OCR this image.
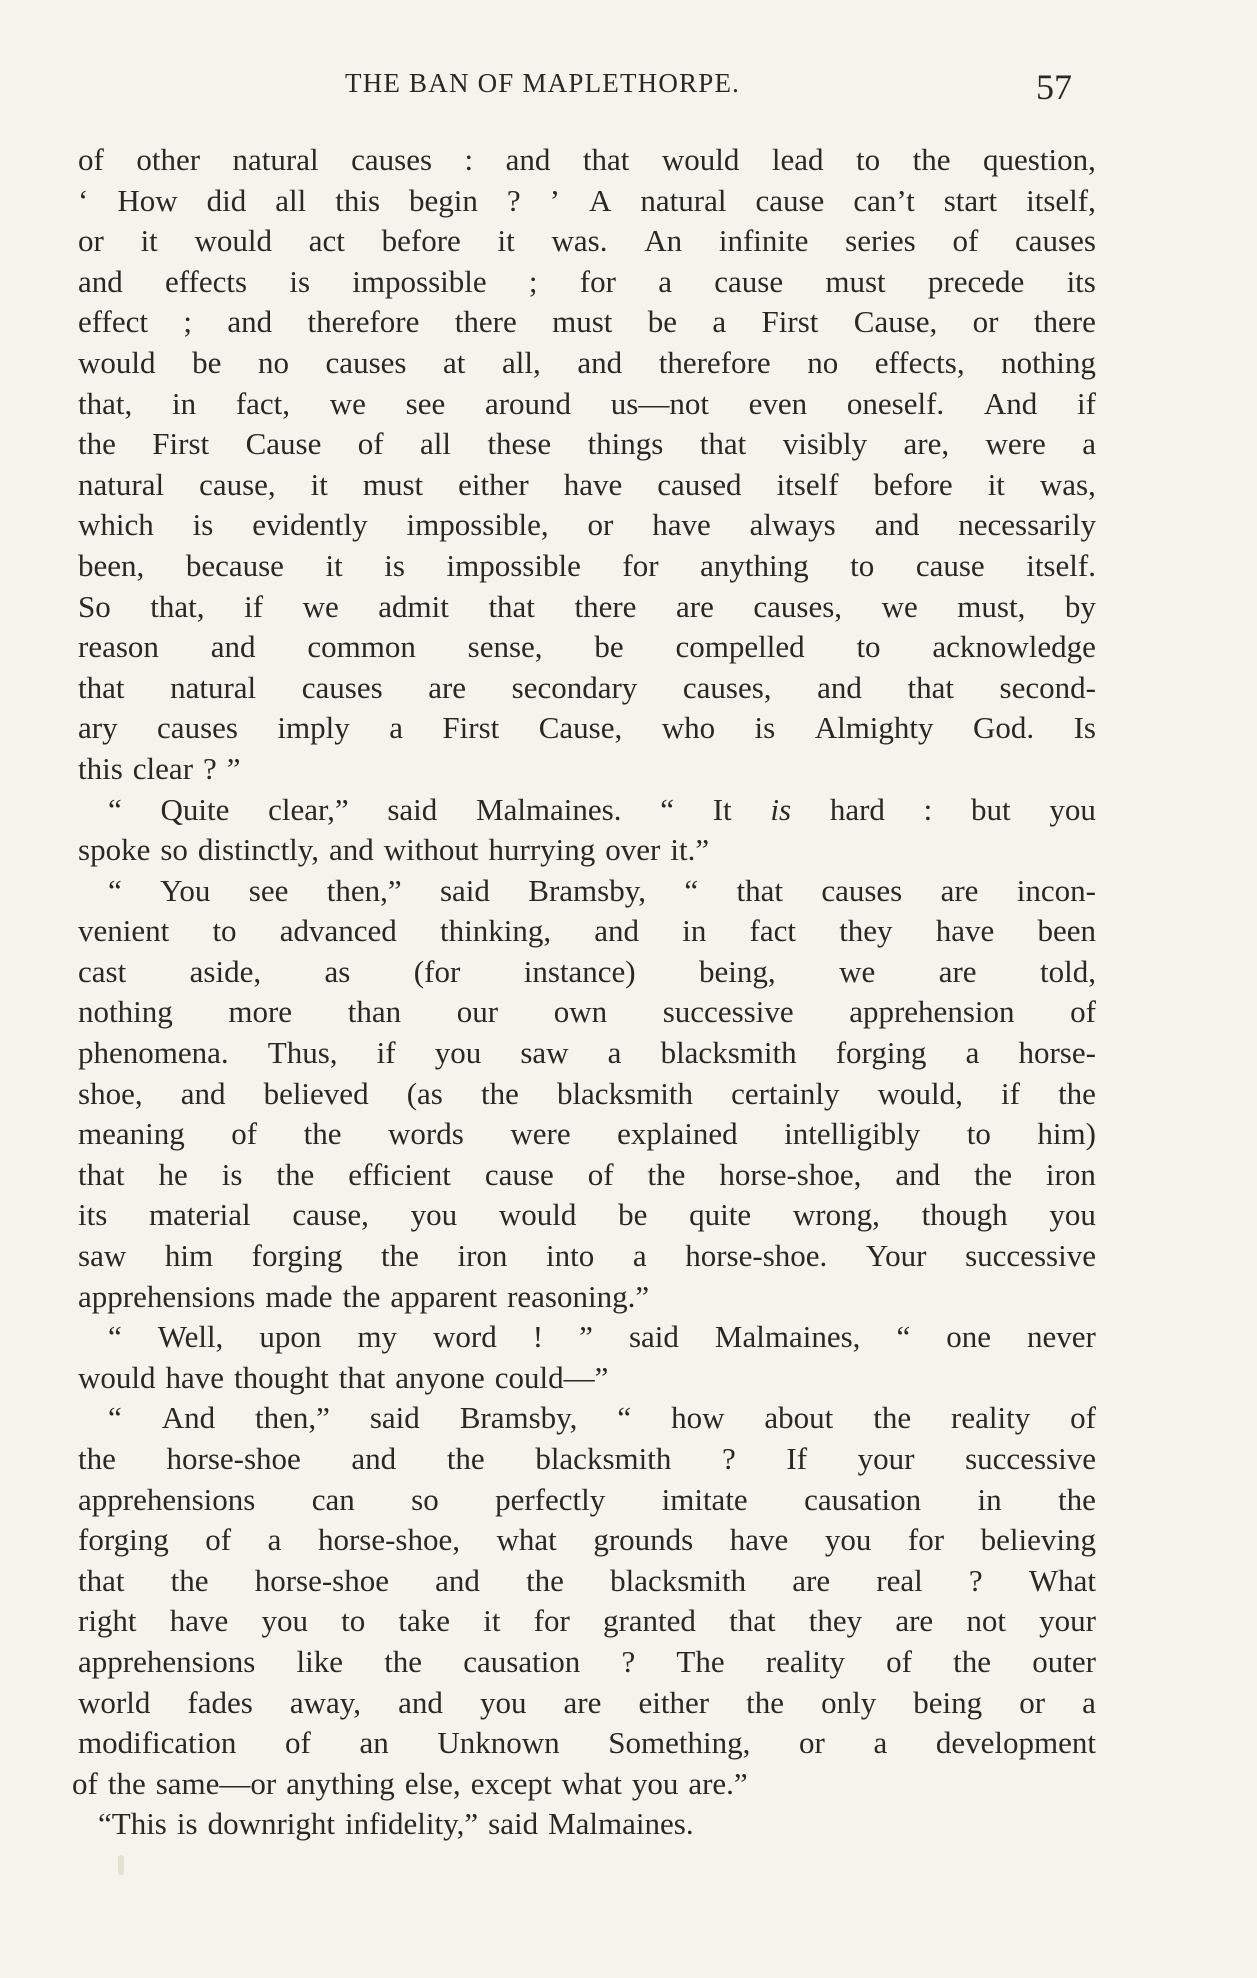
THE BAN OF MAPLETHORPE.	57
of other natural causes : and that would lead to the question,
‘ How did all this begin ? ’ A natural cause can’t start itself,
or it would act before it was. An infinite series of causes
and effects is impossible ; for a cause must precede its
effect ; and therefore there must be a First Cause, or there
would be no causes at all, and therefore no effects, nothing
that, in fact, we see around us—not even oneself. And if
the First Cause of all these things that visibly are, were a
natural cause, it must either have caused itself before it was,
which is evidently impossible, or have always and necessarily
been, because it is impossible for anything to cause itself.
So that, if we admit that there are causes, we must, by
reason and common sense, be compelled to acknowledge
that natural causes are secondary causes, and that second-
ary causes imply a First Cause, who is Almighty God. Is
this clear ? ”
“ Quite clear,” said Malmaines. “ It is hard : but you
spoke so distinctly, and without hurrying over it.”
“ You see then,” said Bramsby, “ that causes are incon-
venient to advanced thinking, and in fact they have been
cast aside, as (for instance) being, we are told,
nothing more than our own successive apprehension of
phenomena. Thus, if you saw a blacksmith forging a horse-
shoe, and believed (as the blacksmith certainly would, if the
meaning of the words were explained intelligibly to him)
that he is the efficient cause of the horse-shoe, and the iron
its material cause, you would be quite wrong, though you
saw him forging the iron into a horse-shoe. Your successive
apprehensions made the apparent reasoning.”
“ Well, upon my word ! ” said Malmaines, “ one never
would have thought that anyone could—”
“ And then,” said Bramsby, “ how about the reality of
the horse-shoe and the blacksmith ? If your successive
apprehensions can so perfectly imitate causation in the
forging of a horse-shoe, what grounds have you for believing
that the horse-shoe and the blacksmith are real ? What
right have you to take it for granted that they are not your
apprehensions like the causation ? The reality of the outer
world fades away, and you are either the only being or a
modification of an Unknown Something, or a development
of the same—or anything else, except what you are.”
“This is downright infidelity,” said Malmaines.
